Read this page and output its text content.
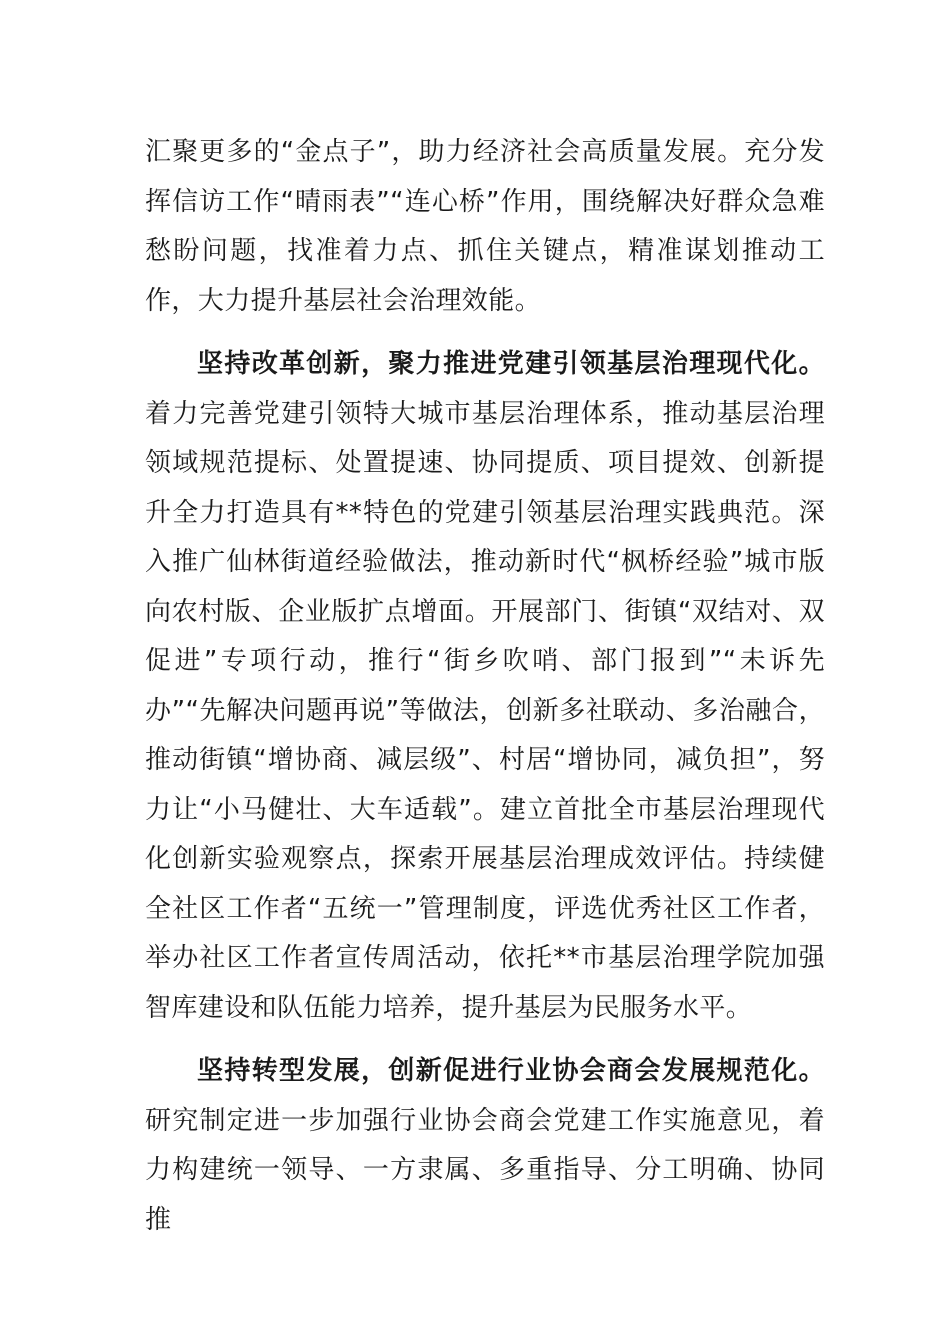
汇聚更多的“金点子”，助力经济社会高质量发展。充分发挥信访工作“晴雨表”“连心桥”作用，围绕解决好群众急难愁盼问题，找准着力点、抓住关键点，精准谋划推动工作，大力提升基层社会治理效能。

坚持改革创新，聚力推进党建引领基层治理现代化。着力完善党建引领特大城市基层治理体系，推动基层治理领域规范提标、处置提速、协同提质、项目提效、创新提升全力打造具有**特色的党建引领基层治理实践典范。深入推广仙林街道经验做法，推动新时代“枫桥经验”城市版向农村版、企业版扩点增面。开展部门、街镇“双结对、双促进”专项行动，推行“街乡吹哨、部门报到”“未诉先办”“先解决问题再说”等做法，创新多社联动、多治融合，推动街镇“增协商、减层级”、村居“增协同，减负担”，努力让“小马健壮、大车适载”。建立首批全市基层治理现代化创新实验观察点，探索开展基层治理成效评估。持续健全社区工作者“五统一”管理制度，评选优秀社区工作者，举办社区工作者宣传周活动，依托**市基层治理学院加强智库建设和队伍能力培养，提升基层为民服务水平。

坚持转型发展，创新促进行业协会商会发展规范化。研究制定进一步加强行业协会商会党建工作实施意见，着力构建统一领导、一方隶属、多重指导、分工明确、协同推
